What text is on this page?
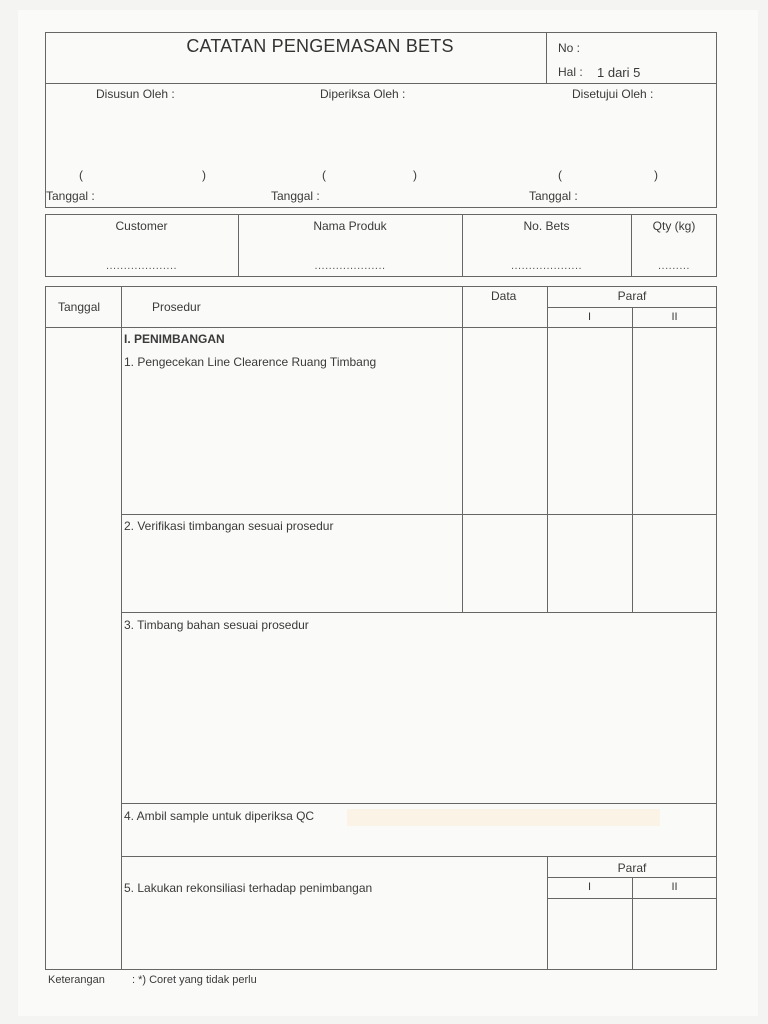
CATATAN PENGEMASAN BETS	No :
Hal : 1 dari 5
Disusun Oleh :	Diperiksa Oleh :	Disetujui Oleh :
(	)	(	)	(	)
Tanggal :	Tanggal :	Tanggal :
Customer	Nama Produk	No. Bets	Qty (kg)
....................	....................	....................	.........
Tanggal	Prosedur
Data	Paraf
I	II
I. PENIMBANGAN
1. Pengecekan Line Clearence Ruang Timbang
2. Verifikasi timbangan sesuai prosedur
3. Timbang bahan sesuai prosedur
4. Ambil sample untuk diperiksa QC
5. Lakukan rekonsiliasi terhadap penimbangan
Paraf
I	II
Keterangan : *) Coret yang tidak perlu
